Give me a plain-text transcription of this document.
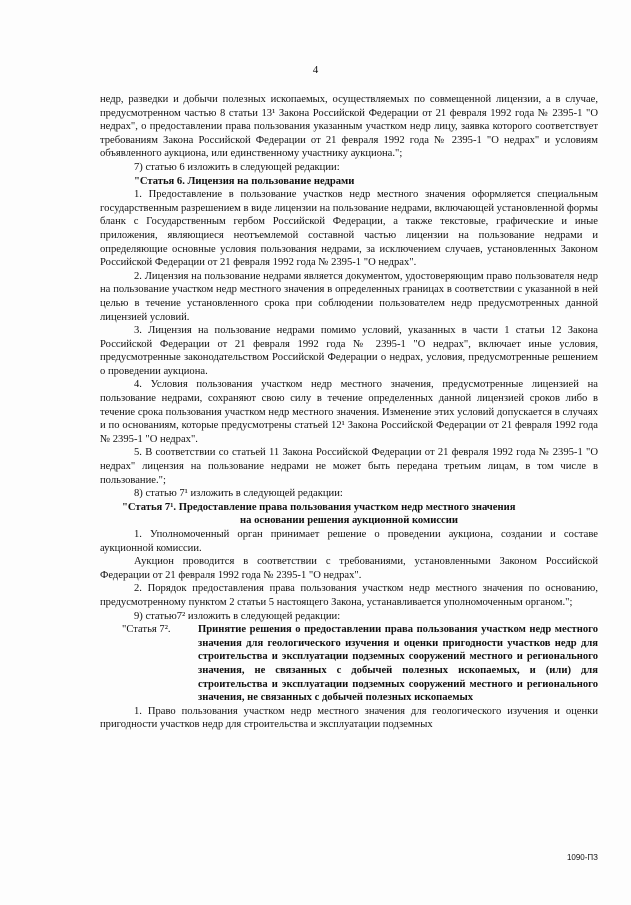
4

недр, разведки и добычи полезных ископаемых, осуществляемых по совмещенной лицензии, а в случае, предусмотренном частью 8 статьи 13¹ Закона Российской Федерации от 21 февраля 1992 года № 2395-1 "О недрах", о предоставлении права пользования указанным участком недр лицу, заявка которого соответствует требованиям Закона Российской Федерации от 21 февраля 1992 года № 2395-1 "О недрах" и условиям объявленного аукциона, или единственному участнику аукциона.";

7) статью 6 изложить в следующей редакции:

"Статья 6. Лицензия на пользование недрами

1. Предоставление в пользование участков недр местного значения оформляется специальным государственным разрешением в виде лицензии на пользование недрами, включающей установленной формы бланк с Государственным гербом Российской Федерации, а также текстовые, графические и иные приложения, являющиеся неотъемлемой составной частью лицензии на пользование недрами и определяющие основные условия пользования недрами, за исключением случаев, установленных Законом Российской Федерации от 21 февраля 1992 года № 2395-1 "О недрах".

2. Лицензия на пользование недрами является документом, удостоверяющим право пользователя недр на пользование участком недр местного значения в определенных границах в соответствии с указанной в ней целью в течение установленного срока при соблюдении пользователем недр предусмотренных данной лицензией условий.

3. Лицензия на пользование недрами помимо условий, указанных в части 1 статьи 12 Закона Российской Федерации от 21 февраля 1992 года № 2395-1 "О недрах", включает иные условия, предусмотренные законодательством Российской Федерации о недрах, условия, предусмотренные решением о проведении аукциона.

4. Условия пользования участком недр местного значения, предусмотренные лицензией на пользование недрами, сохраняют свою силу в течение определенных данной лицензией сроков либо в течение срока пользования участком недр местного значения. Изменение этих условий допускается в случаях и по основаниям, которые предусмотрены статьей 12¹ Закона Российской Федерации от 21 февраля 1992 года № 2395-1 "О недрах".

5. В соответствии со статьей 11 Закона Российской Федерации от 21 февраля 1992 года № 2395-1 "О недрах" лицензия на пользование недрами не может быть передана третьим лицам, в том числе в пользование.";

8) статью 7¹ изложить в следующей редакции:

"Статья 7¹. Предоставление права пользования участком недр местного значения

на основании решения аукционной комиссии

1. Уполномоченный орган принимает решение о проведении аукциона, создании и составе аукционной комиссии.

Аукцион проводится в соответствии с требованиями, установленными Законом Российской Федерации от 21 февраля 1992 года № 2395-1 "О недрах".

2. Порядок предоставления права пользования участком недр местного значения по основанию, предусмотренному пунктом 2 статьи 5 настоящего Закона, устанавливается уполномоченным органом.";

9) статью7² изложить в следующей редакции:

"Статья 7².	Принятие решения о предоставлении права пользования участком недр местного значения для геологического изучения и оценки пригодности участков недр для строительства и эксплуатации подземных сооружений местного и регионального значения, не связанных с добычей полезных ископаемых, и (или) для строительства и эксплуатации подземных сооружений местного и регионального значения, не связанных с добычей полезных ископаемых

1. Право пользования участком недр местного значения для геологического изучения и оценки пригодности участков недр для строительства и эксплуатации подземных

1090-ПЗ
